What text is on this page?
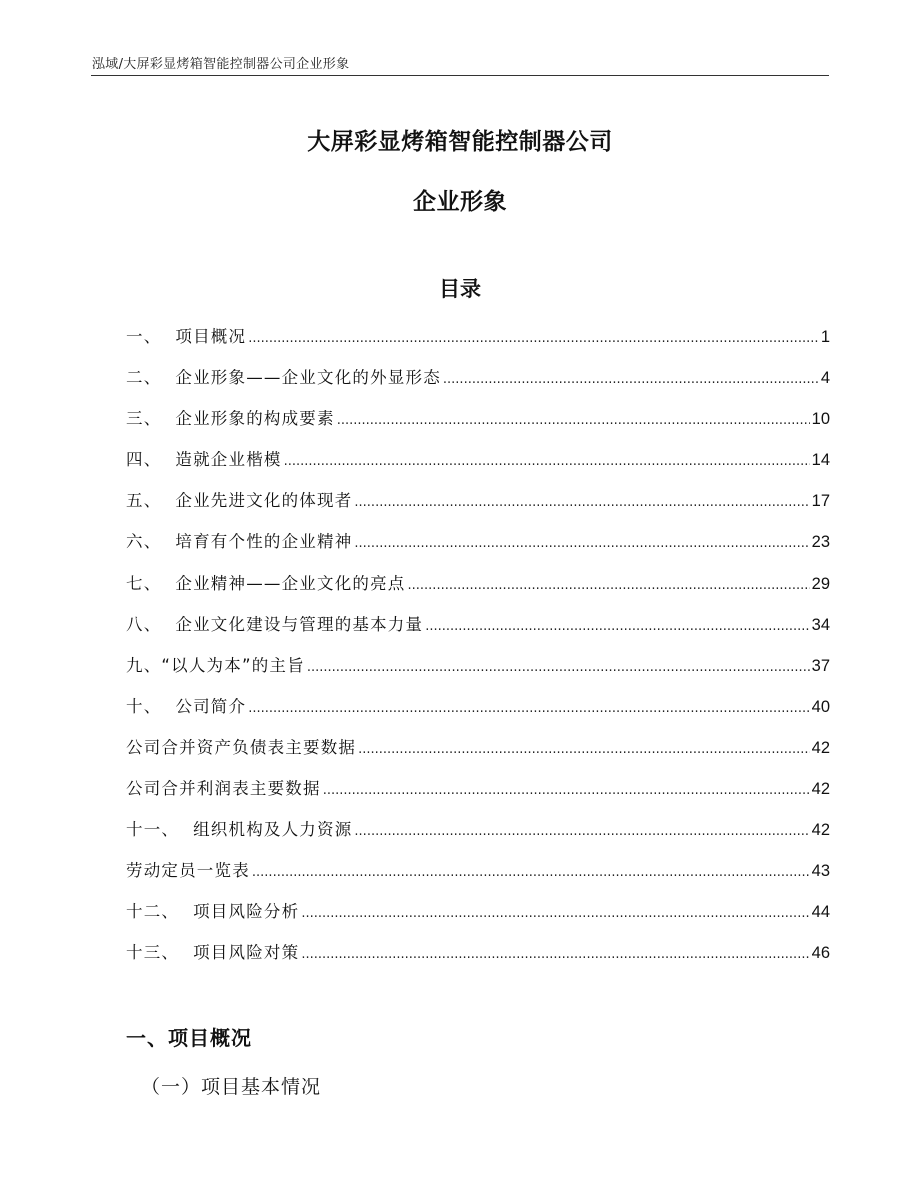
泓域/大屏彩显烤箱智能控制器公司企业形象
大屏彩显烤箱智能控制器公司
企业形象
目录
一、 项目概况 .....	1
二、 企业形象——企业文化的外显形态 .....	4
三、 企业形象的构成要素 .....	10
四、 造就企业楷模 .....	14
五、 企业先进文化的体现者 .....	17
六、 培育有个性的企业精神 .....	23
七、 企业精神——企业文化的亮点 .....	29
八、 企业文化建设与管理的基本力量 .....	34
九、 “以人为本”的主旨 .....	37
十、 公司简介 .....	40
公司合并资产负债表主要数据 .....	42
公司合并利润表主要数据 .....	42
十一、 组织机构及人力资源 .....	42
劳动定员一览表 .....	43
十二、 项目风险分析 .....	44
十三、 项目风险对策 .....	46
一、项目概况
（一）项目基本情况
